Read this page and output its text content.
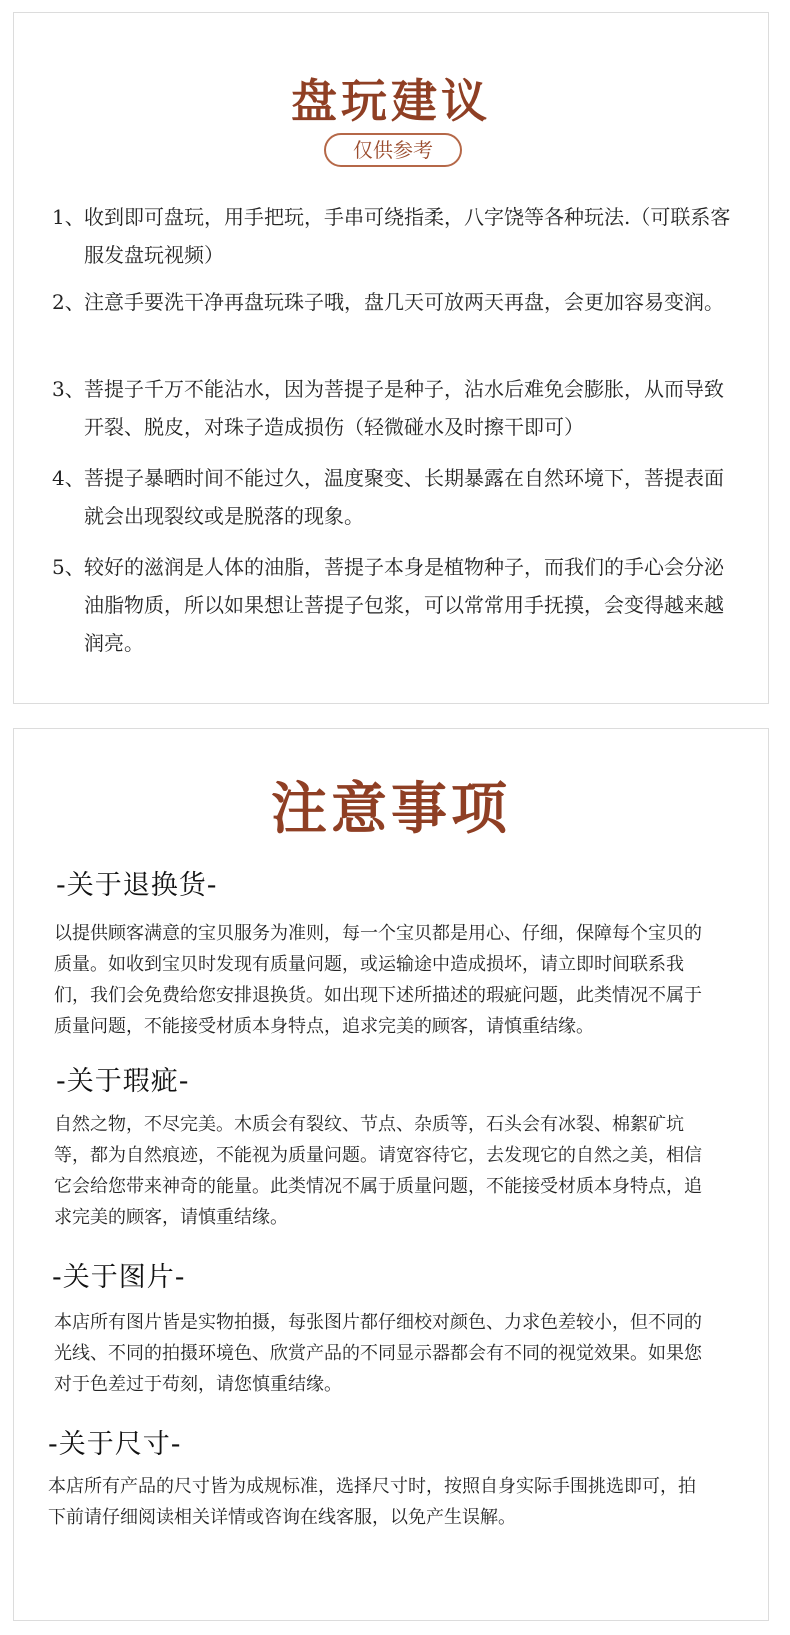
盘玩建议
仅供参考
1、 收到即可盘玩，用手把玩，手串可绕指柔，八字饶等各种玩法.（可联系客服发盘玩视频）
2、 注意手要洗干净再盘玩珠子哦，盘几天可放两天再盘，会更加容易变润。
3、 菩提子千万不能沾水，因为菩提子是种子，沾水后难免会膨胀，从而导致开裂、脱皮，对珠子造成损伤（轻微碰水及时擦干即可）
4、 菩提子暴晒时间不能过久，温度聚变、长期暴露在自然环境下，菩提表面就会出现裂纹或是脱落的现象。
5、 较好的滋润是人体的油脂，菩提子本身是植物种子，而我们的手心会分泌油脂物质，所以如果想让菩提子包浆，可以常常用手抚摸，会变得越来越润亮。
注意事项
-关于退换货-
以提供顾客满意的宝贝服务为准则，每一个宝贝都是用心、仔细，保障每个宝贝的质量。如收到宝贝时发现有质量问题，或运输途中造成损坏，请立即时间联系我们，我们会免费给您安排退换货。如出现下述所描述的瑕疵问题，此类情况不属于质量问题，不能接受材质本身特点，追求完美的顾客，请慎重结缘。
-关于瑕疵-
自然之物，不尽完美。木质会有裂纹、节点、杂质等，石头会有冰裂、棉絮矿坑等，都为自然痕迹，不能视为质量问题。请宽容待它，去发现它的自然之美，相信它会给您带来神奇的能量。此类情况不属于质量问题，不能接受材质本身特点，追求完美的顾客，请慎重结缘。
-关于图片-
本店所有图片皆是实物拍摄，每张图片都仔细校对颜色、力求色差较小，但不同的光线、不同的拍摄环境色、欣赏产品的不同显示器都会有不同的视觉效果。如果您对于色差过于苟刻，请您慎重结缘。
-关于尺寸-
本店所有产品的尺寸皆为成规标准，选择尺寸时，按照自身实际手围挑选即可，拍下前请仔细阅读相关详情或咨询在线客服，以免产生误解。
